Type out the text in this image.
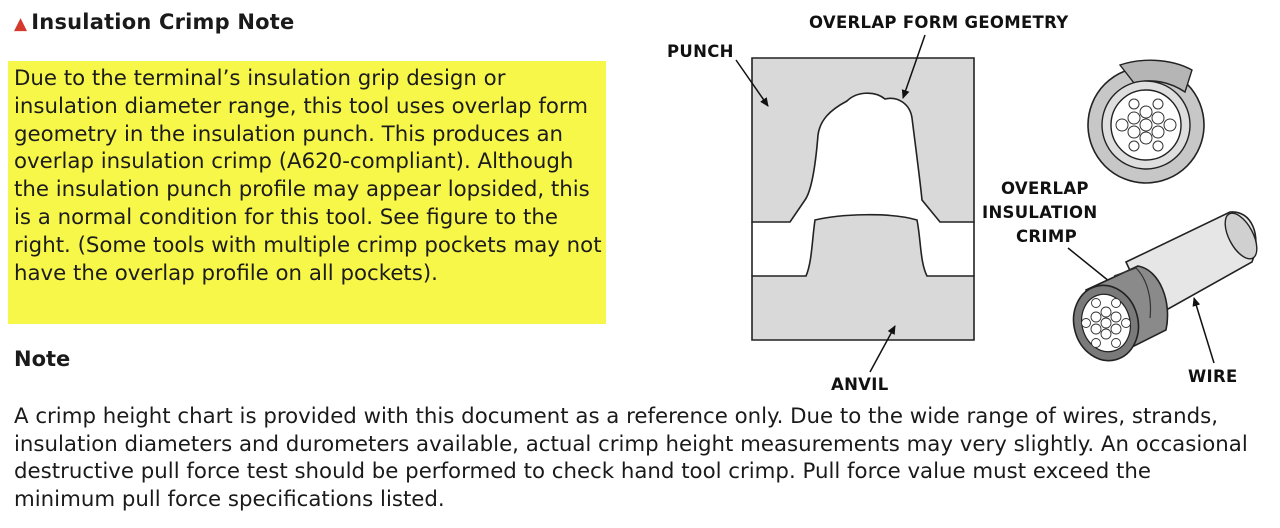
▲ Insulation Crimp Note

Due to the terminal’s insulation grip design or insulation diameter range, this tool uses overlap form geometry in the insulation punch. This produces an overlap insulation crimp (A620-compliant). Although the insulation punch profile may appear lopsided, this is a normal condition for this tool. See figure to the right. (Some tools with multiple crimp pockets may not have the overlap profile on all pockets).

Note

A crimp height chart is provided with this document as a reference only. Due to the wide range of wires, strands, insulation diameters and durometers available, actual crimp height measurements may very slightly. An occasional destructive pull force test should be performed to check hand tool crimp. Pull force value must exceed the minimum pull force specifications listed.

OVERLAP FORM GEOMETRY
PUNCH
ANVIL
OVERLAP
INSULATION
CRIMP
WIRE
